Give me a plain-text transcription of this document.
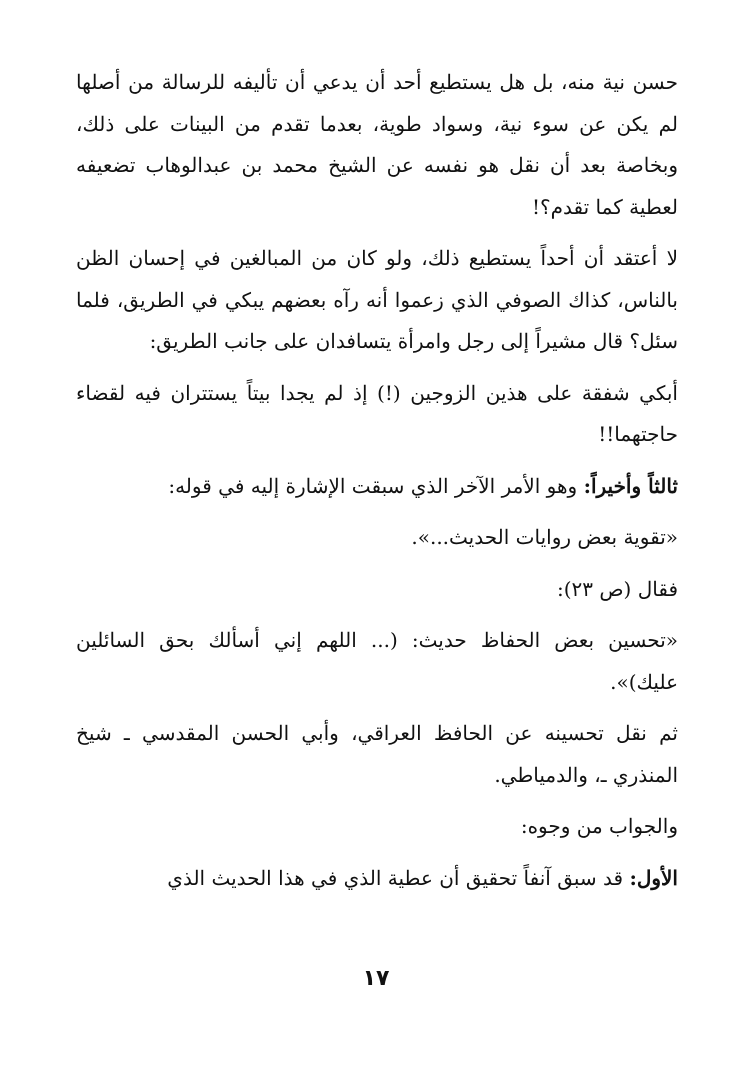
حسن نية منه، بل هل يستطيع أحد أن يدعي أن تأليفه للرسالة من أصلها لم يكن عن سوء نية، وسواد طوية، بعدما تقدم من البينات على ذلك، وبخاصة بعد أن نقل هو نفسه عن الشيخ محمد بن عبدالوهاب تضعيفه لعطية كما تقدم؟!

لا أعتقد أن أحداً يستطيع ذلك، ولو كان من المبالغين في إحسان الظن بالناس، كذاك الصوفي الذي زعموا أنه رآه بعضهم يبكي في الطريق، فلما سئل؟ قال مشيراً إلى رجل وامرأة يتسافدان على جانب الطريق:

أبكي شفقة على هذين الزوجين (!) إذ لم يجدا بيتاً يستتران فيه لقضاء حاجتهما!!

ثالثاً وأخيراً: وهو الأمر الآخر الذي سبقت الإشارة إليه في قوله:

«تقوية بعض روايات الحديث...».

فقال (ص ٢٣):

«تحسين بعض الحفاظ حديث: (... اللهم إني أسألك بحق السائلين عليك)».

ثم نقل تحسينه عن الحافظ العراقي، وأبي الحسن المقدسي ـ شيخ المنذري ـ، والدمياطي.

والجواب من وجوه:

الأول: قد سبق آنفاً تحقيق أن عطية الذي في هذا الحديث الذي

١٧
